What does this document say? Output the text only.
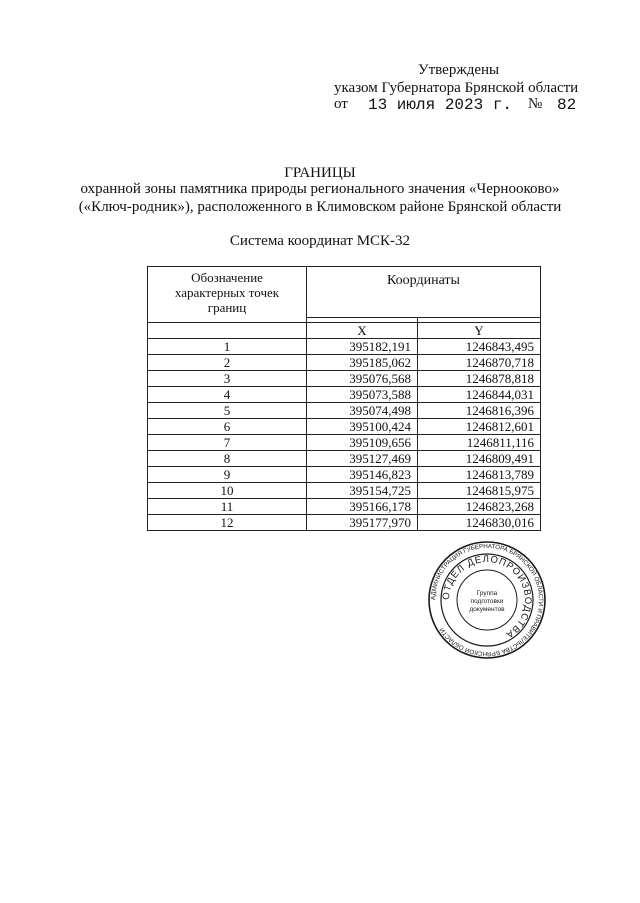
Утверждены
указом Губернатора Брянской области
от 13 июля 2023 г. № 82
ГРАНИЦЫ
охранной зоны памятника природы регионального значения «Чернооково»
(«Ключ-родник»), расположенного в Климовском районе Брянской области
Система координат МСК-32
Обозначение
характерных точек
границ	Координаты	

	X	Y
1	395182,191	1246843,495
2	395185,062	1246870,718
3	395076,568	1246878,818
4	395073,588	1246844,031
5	395074,498	1246816,396
6	395100,424	1246812,601
7	395109,656	1246811,116
8	395127,469	1246809,491
9	395146,823	1246813,789
10	395154,725	1246815,975
11	395166,178	1246823,268
12	395177,970	1246830,016
АДМИНИСТРАЦИЯ ГУБЕРНАТОРА БРЯНСКОЙ ОБЛАСТИ И ПРАВИТЕЛЬСТВА БРЯНСКОЙ ОБЛАСТИ
ОТДЕЛ ДЕЛОПРОИЗВОДСТВА
Группа
подготовки
документов
